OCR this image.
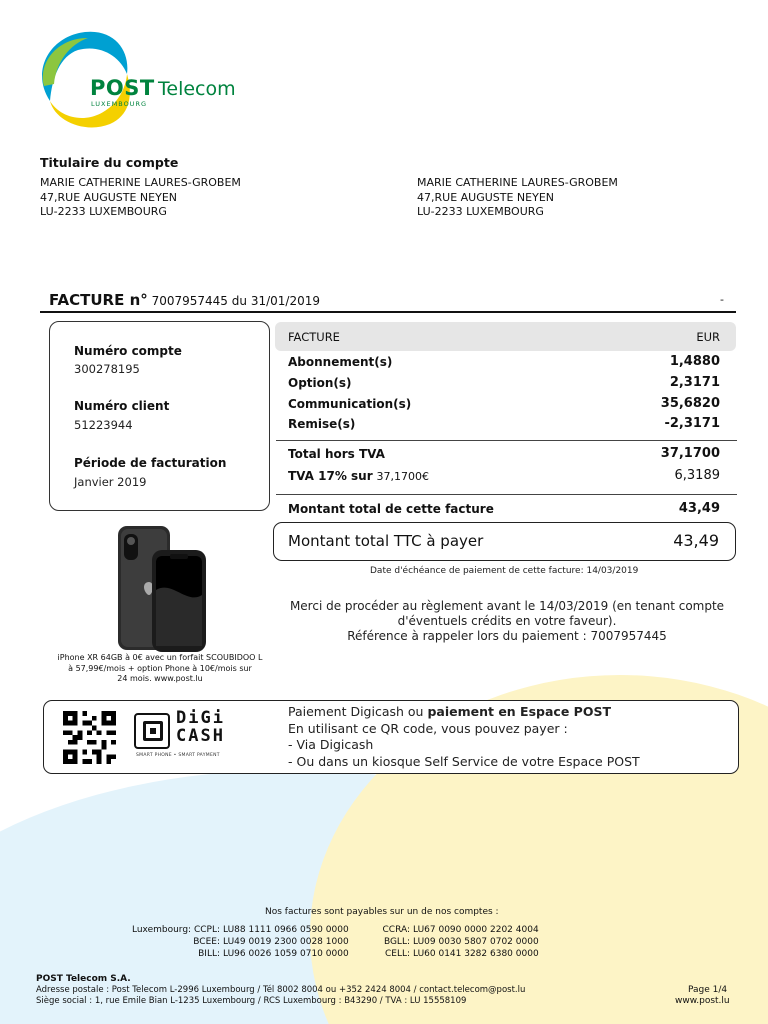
POST
LUXEMBOURG
Telecom
Titulaire du compte
MARIE CATHERINE LAURES-GROBEM
47,RUE AUGUSTE NEYEN
LU-2233 LUXEMBOURG
MARIE CATHERINE LAURES-GROBEM
47,RUE AUGUSTE NEYEN
LU-2233 LUXEMBOURG
FACTURE n° 7007957445 du 31/01/2019	-
Numéro compte
300278195
Numéro client
51223944
Période de facturation
Janvier 2019
FACTURE	EUR
Abonnement(s)	1,4880
Option(s)	2,3171
Communication(s)	35,6820
Remise(s)	-2,3171
Total hors TVA	37,1700
TVA 17% sur 37,1700€	6,3189
Montant total de cette facture	43,49
Montant total TTC à payer	43,49
Date d'échéance de paiement de cette facture: 14/03/2019
Merci de procéder au règlement avant le 14/03/2019 (en tenant compte
d'éventuels crédits en votre faveur).
Référence à rappeler lors du paiement : 7007957445
iPhone XR 64GB à 0€ avec un forfait SCOUBIDOO L
à 57,99€/mois + option Phone à 10€/mois sur
24 mois. www.post.lu
DiGi
CASH
SMART PHONE • SMART PAYMENT
Paiement Digicash ou paiement en Espace POST
En utilisant ce QR code, vous pouvez payer :
- Via Digicash
- Ou dans un kiosque Self Service de votre Espace POST
Nos factures sont payables sur un de nos comptes :
Luxembourg: CCPL: LU88 1111 0966 0590 0000	CCRA: LU67 0090 0000 2202 4004
BCEE: LU49 0019 2300 0028 1000	BGLL: LU09 0030 5807 0702 0000
BILL: LU96 0026 1059 0710 0000	CELL: LU60 0141 3282 6380 0000
POST Telecom S.A.
Adresse postale : Post Telecom L-2996 Luxembourg / Tél 8002 8004 ou +352 2424 8004 / contact.telecom@post.lu
Siège social : 1, rue Emile Bian L-1235 Luxembourg / RCS Luxembourg : B43290 / TVA : LU 15558109
Page 1/4
www.post.lu
